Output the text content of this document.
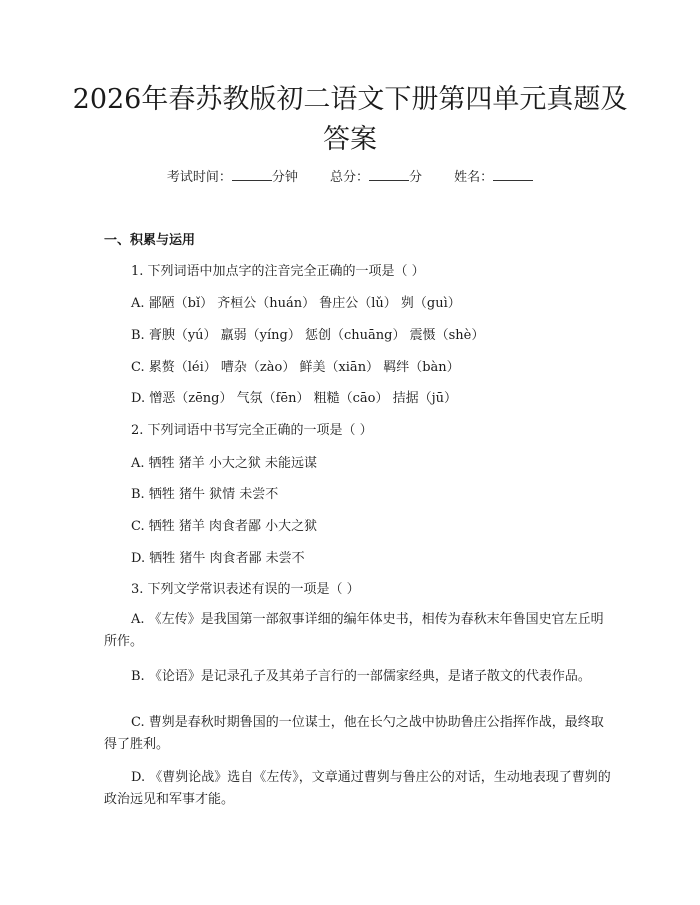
2026年春苏教版初二语文下册第四单元真题及答案
考试时间：	分钟 总分：	分 姓名：
一、积累与运用
1. 下列词语中加点字的注音完全正确的一项是（ ）
A. 鄙陋（bǐ） 齐桓公（huán） 鲁庄公（lǔ） 刿（guì）
B. 膏腴（yú） 羸弱（yíng） 惩创（chuāng） 震慑（shè）
C. 累赘（léi） 嘈杂（zào） 鲜美（xiān） 羁绊（bàn）
D. 憎恶（zēng） 气氛（fēn） 粗糙（cāo） 拮据（jū）
2. 下列词语中书写完全正确的一项是（ ）
A. 牺牲 猪羊 小大之狱 未能远谋
B. 牺牲 猪牛 狱情 未尝不
C. 牺牲 猪羊 肉食者鄙 小大之狱
D. 牺牲 猪牛 肉食者鄙 未尝不
3. 下列文学常识表述有误的一项是（ ）

A. 《左传》是我国第一部叙事详细的编年体史书，相传为春秋末年鲁国史官左丘明所作。

B. 《论语》是记录孔子及其弟子言行的一部儒家经典，是诸子散文的代表作品。

C. 曹刿是春秋时期鲁国的一位谋士，他在长勺之战中协助鲁庄公指挥作战，最终取得了胜利。

D. 《曹刿论战》选自《左传》，文章通过曹刿与鲁庄公的对话，生动地表现了曹刿的政治远见和军事才能。
